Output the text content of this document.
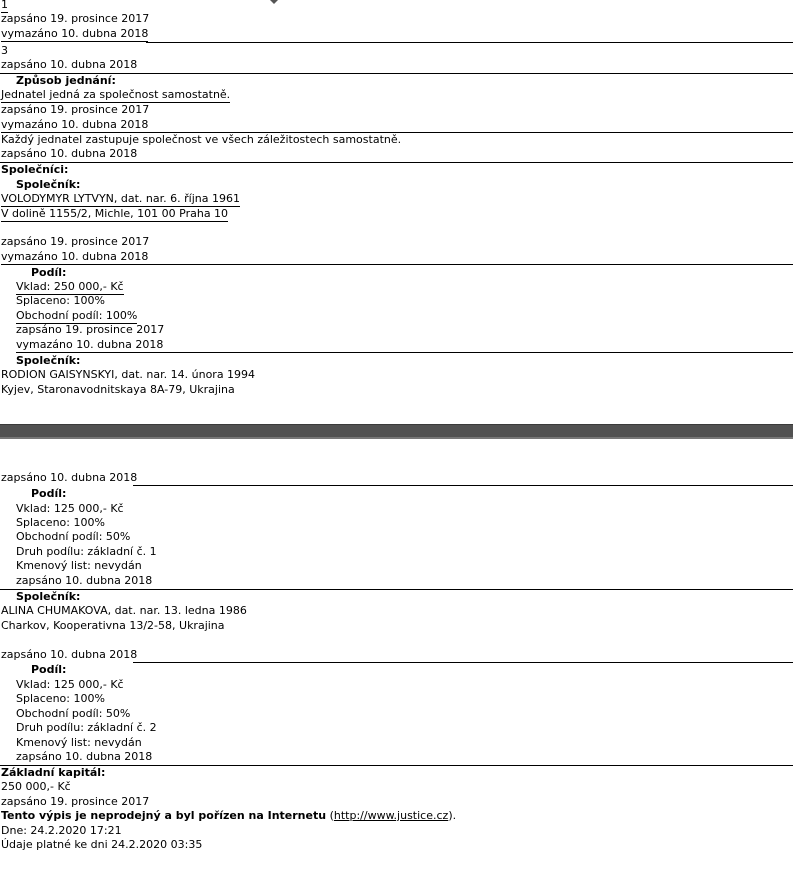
1
zapsáno 19. prosince 2017
vymazáno 10. dubna 2018
3
zapsáno 10. dubna 2018
Způsob jednání:
Jednatel jedná za společnost samostatně.
zapsáno 19. prosince 2017
vymazáno 10. dubna 2018
Každý jednatel zastupuje společnost ve všech záležitostech samostatně.
zapsáno 10. dubna 2018
Společníci:
Společník:
VOLODYMYR LYTVYN, dat. nar. 6. října 1961
V dolině 1155/2, Michle, 101 00 Praha 10
zapsáno 19. prosince 2017
vymazáno 10. dubna 2018
Podíl:
Vklad: 250 000,- Kč
Splaceno: 100%
Obchodní podíl: 100%
zapsáno 19. prosince 2017
vymazáno 10. dubna 2018
Společník:
RODION GAISYNSKYI, dat. nar. 14. února 1994
Kyjev, Staronavodnitskaya 8A-79, Ukrajina
zapsáno 10. dubna 2018
Podíl:
Vklad: 125 000,- Kč
Splaceno: 100%
Obchodní podíl: 50%
Druh podílu: základní č. 1
Kmenový list: nevydán
zapsáno 10. dubna 2018
Společník:
ALINA CHUMAKOVA, dat. nar. 13. ledna 1986
Charkov, Kooperativna 13/2-58, Ukrajina
zapsáno 10. dubna 2018
Podíl:
Vklad: 125 000,- Kč
Splaceno: 100%
Obchodní podíl: 50%
Druh podílu: základní č. 2
Kmenový list: nevydán
zapsáno 10. dubna 2018
Základní kapitál:
250 000,- Kč
zapsáno 19. prosince 2017
Tento výpis je neprodejný a byl pořízen na Internetu (http://www.justice.cz).
Dne: 24.2.2020 17:21
Údaje platné ke dni 24.2.2020 03:35
